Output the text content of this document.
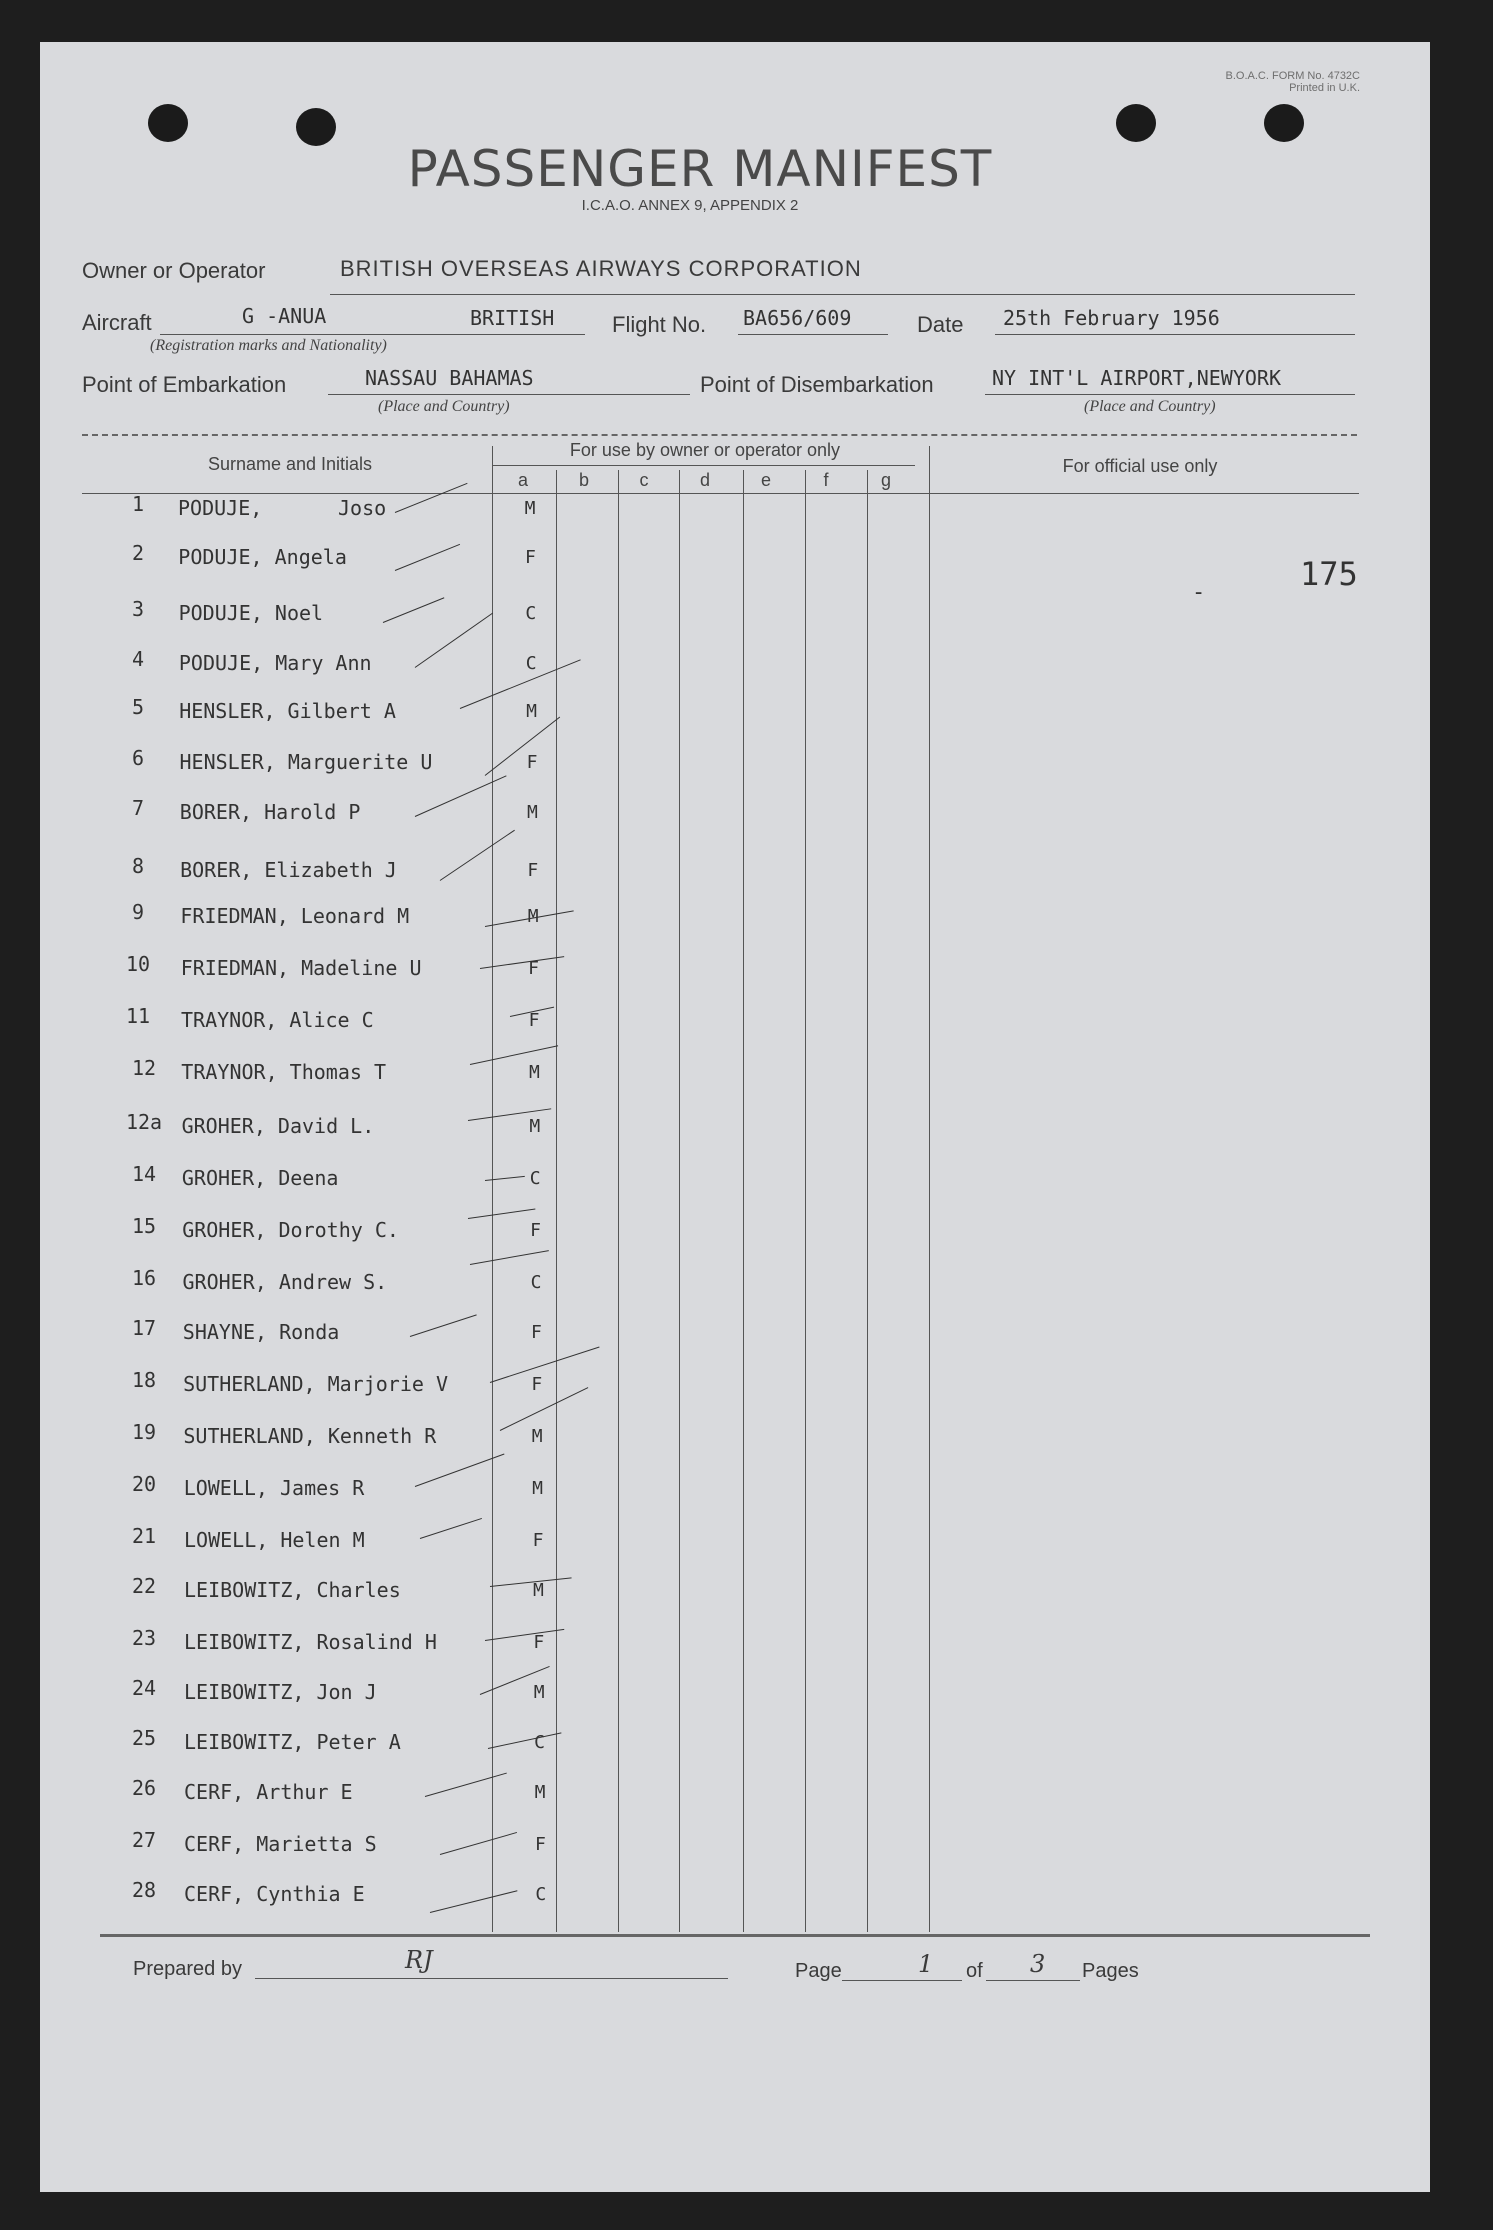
B.O.A.C. FORM No. 4732C
Printed in U.K.
PASSENGER MANIFEST
I.C.A.O. ANNEX 9, APPENDIX 2
Owner or Operator	BRITISH OVERSEAS AIRWAYS CORPORATION
Aircraft	G -ANUA	BRITISH
(Registration marks and Nationality)
Flight No. BA656/609	Date 25th February 1956
Point of Embarkation	NASSAU BAHAMAS
(Place and Country)
Point of Disembarkation	NY INT'L AIRPORT,NEWYORK
(Place and Country)
Surname and Initials
For use by owner or operator only
For official use only
a	b	c	d	e	f	g
1	PODUJE,	Joso	M
2	PODUJE, Angela	F
3	PODUJE, Noel	C
4	PODUJE, Mary Ann	C
5	HENSLER, Gilbert A	M
6	HENSLER, Marguerite U	F
7	BORER, Harold P	M
8	BORER, Elizabeth J	F
9	FRIEDMAN, Leonard M	M
10	FRIEDMAN, Madeline U	F
11	TRAYNOR, Alice C	F
12	TRAYNOR, Thomas T	M
12a GROHER, David L.	M
14	GROHER, Deena	C
15	GROHER, Dorothy C.	F
16	GROHER, Andrew S.	C
17	SHAYNE, Ronda	F
18	SUTHERLAND, Marjorie V	F
19	SUTHERLAND, Kenneth R	M
20	LOWELL, James R	M
21	LOWELL, Helen M	F
22	LEIBOWITZ, Charles	M
23	LEIBOWITZ, Rosalind H	F
24	LEIBOWITZ, Jon J	M
25	LEIBOWITZ, Peter A	C
26	CERF, Arthur E	M
27	CERF, Marietta S	F
28	CERF, Cynthia E	C
175
-
Prepared by	RJ	Page	1 of 3 Pages
